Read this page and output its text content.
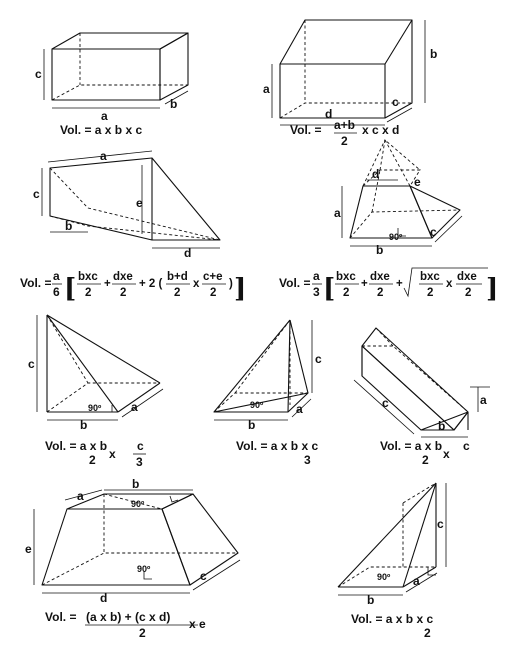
c
a
b
Vol. = a x b x c
a
b
d
c
Vol. = a+b
2
x c x d
a
c
e
b
d
Vol. = a
6 [ bxc
2
+
dxe
2
+ 2 (
b+d
2
x
c+e
2
) ]
a
d
e
b
c
90º
Vol. = a
3 [ bxc
2
+
dxe
2
+
bxc
2
x
dxe
2 ]
c
b
a
90º
Vol. = a x b
2 x
c
3
c
b
a
90º
Vol. = a x b x c
3
a
c
b
Vol. = a x b
2 x
c
a
b
90º
e
90º
d
c
Vol. = (a x b) + (c x d)
2
x e
c
b
a
90º
Vol. = a x b x c
2
